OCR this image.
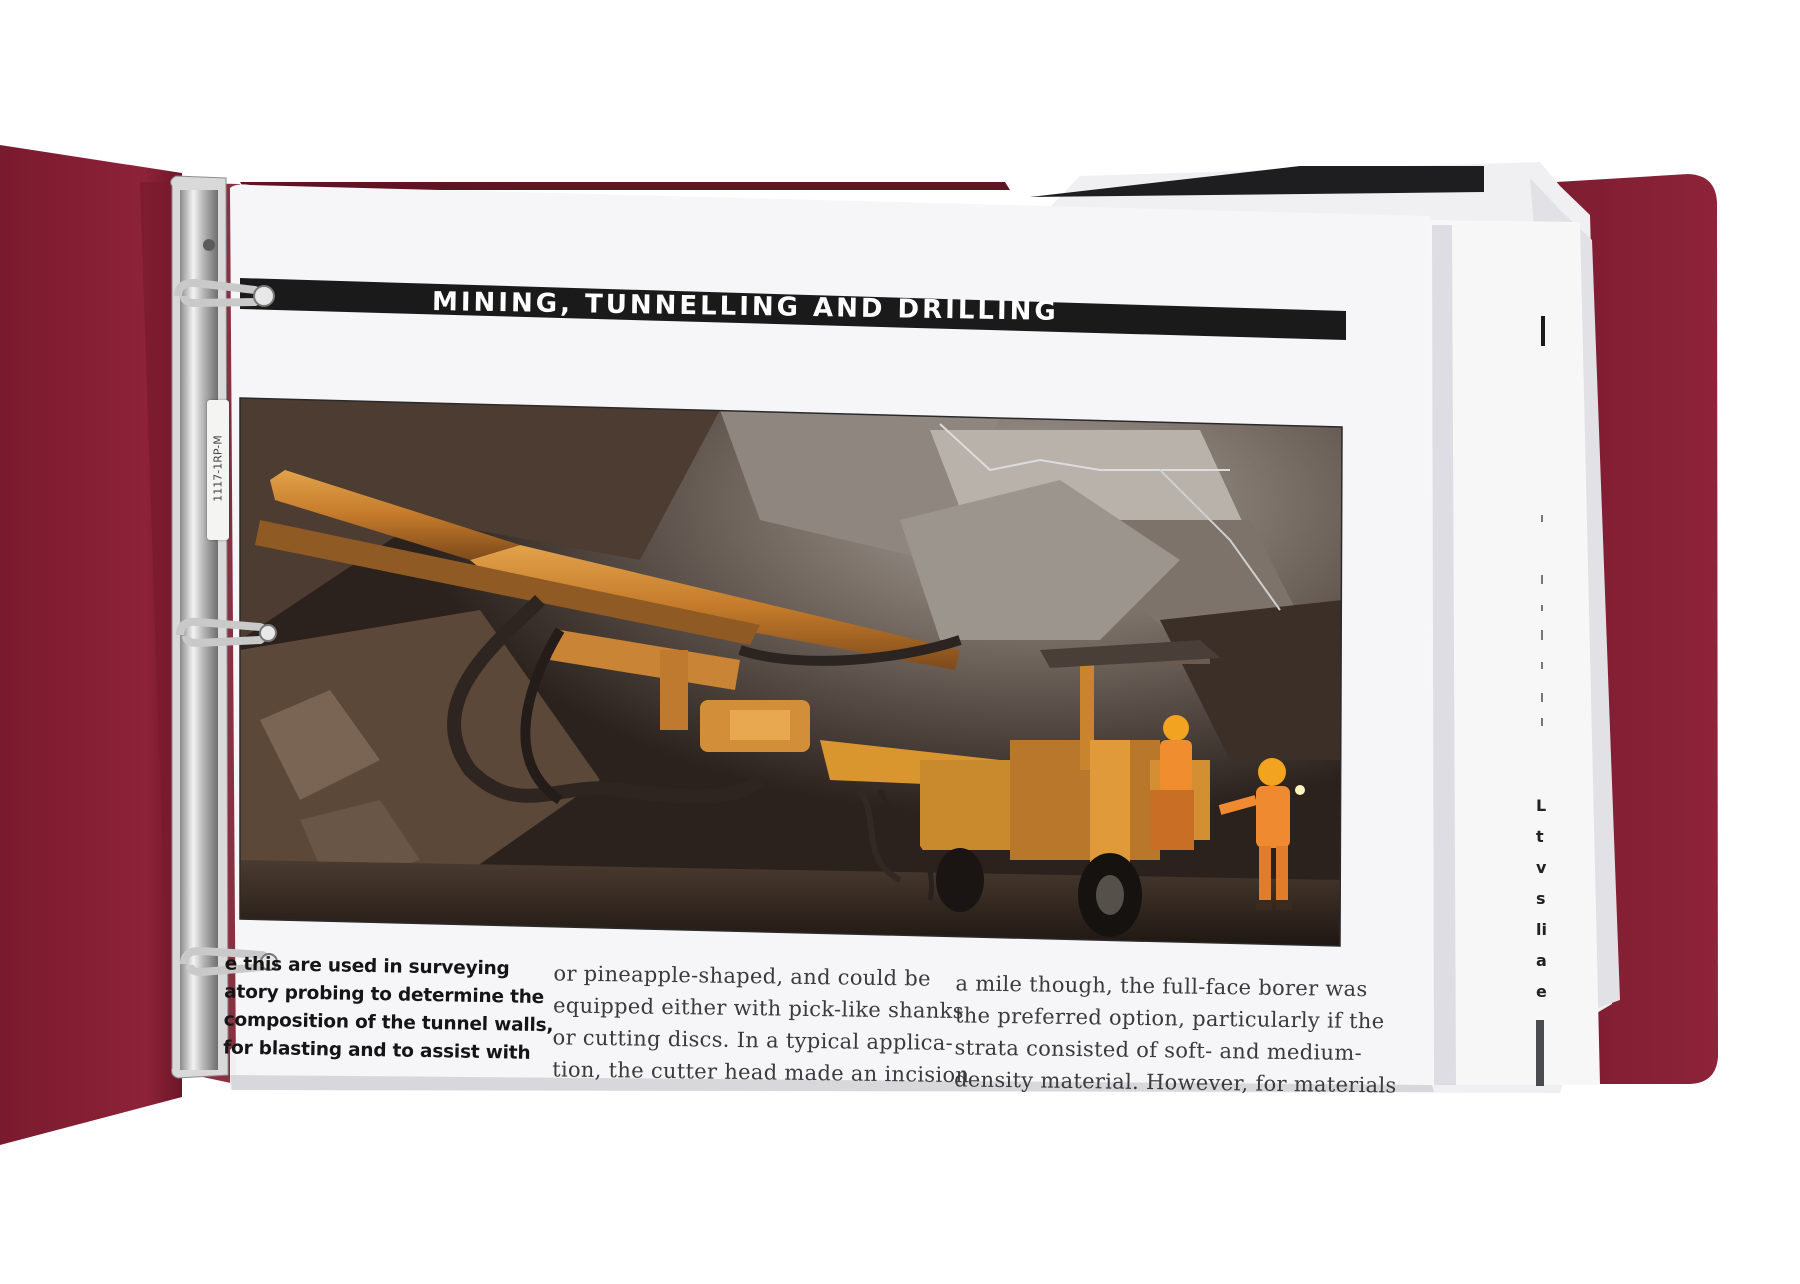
1117-1RP-M
MINING, TUNNELLING AND DRILLING
e this are used in surveying
atory probing to determine the
composition of the tunnel walls,
for blasting and to assist with
or pineapple-shaped, and could be
equipped either with pick-like shanks
or cutting discs. In a typical applica-
tion, the cutter head made an incision
a mile though, the full-face borer was
the preferred option, particularly if the
strata consisted of soft- and medium-
density material. However, for materials
L
t
v
s
li
a
e
